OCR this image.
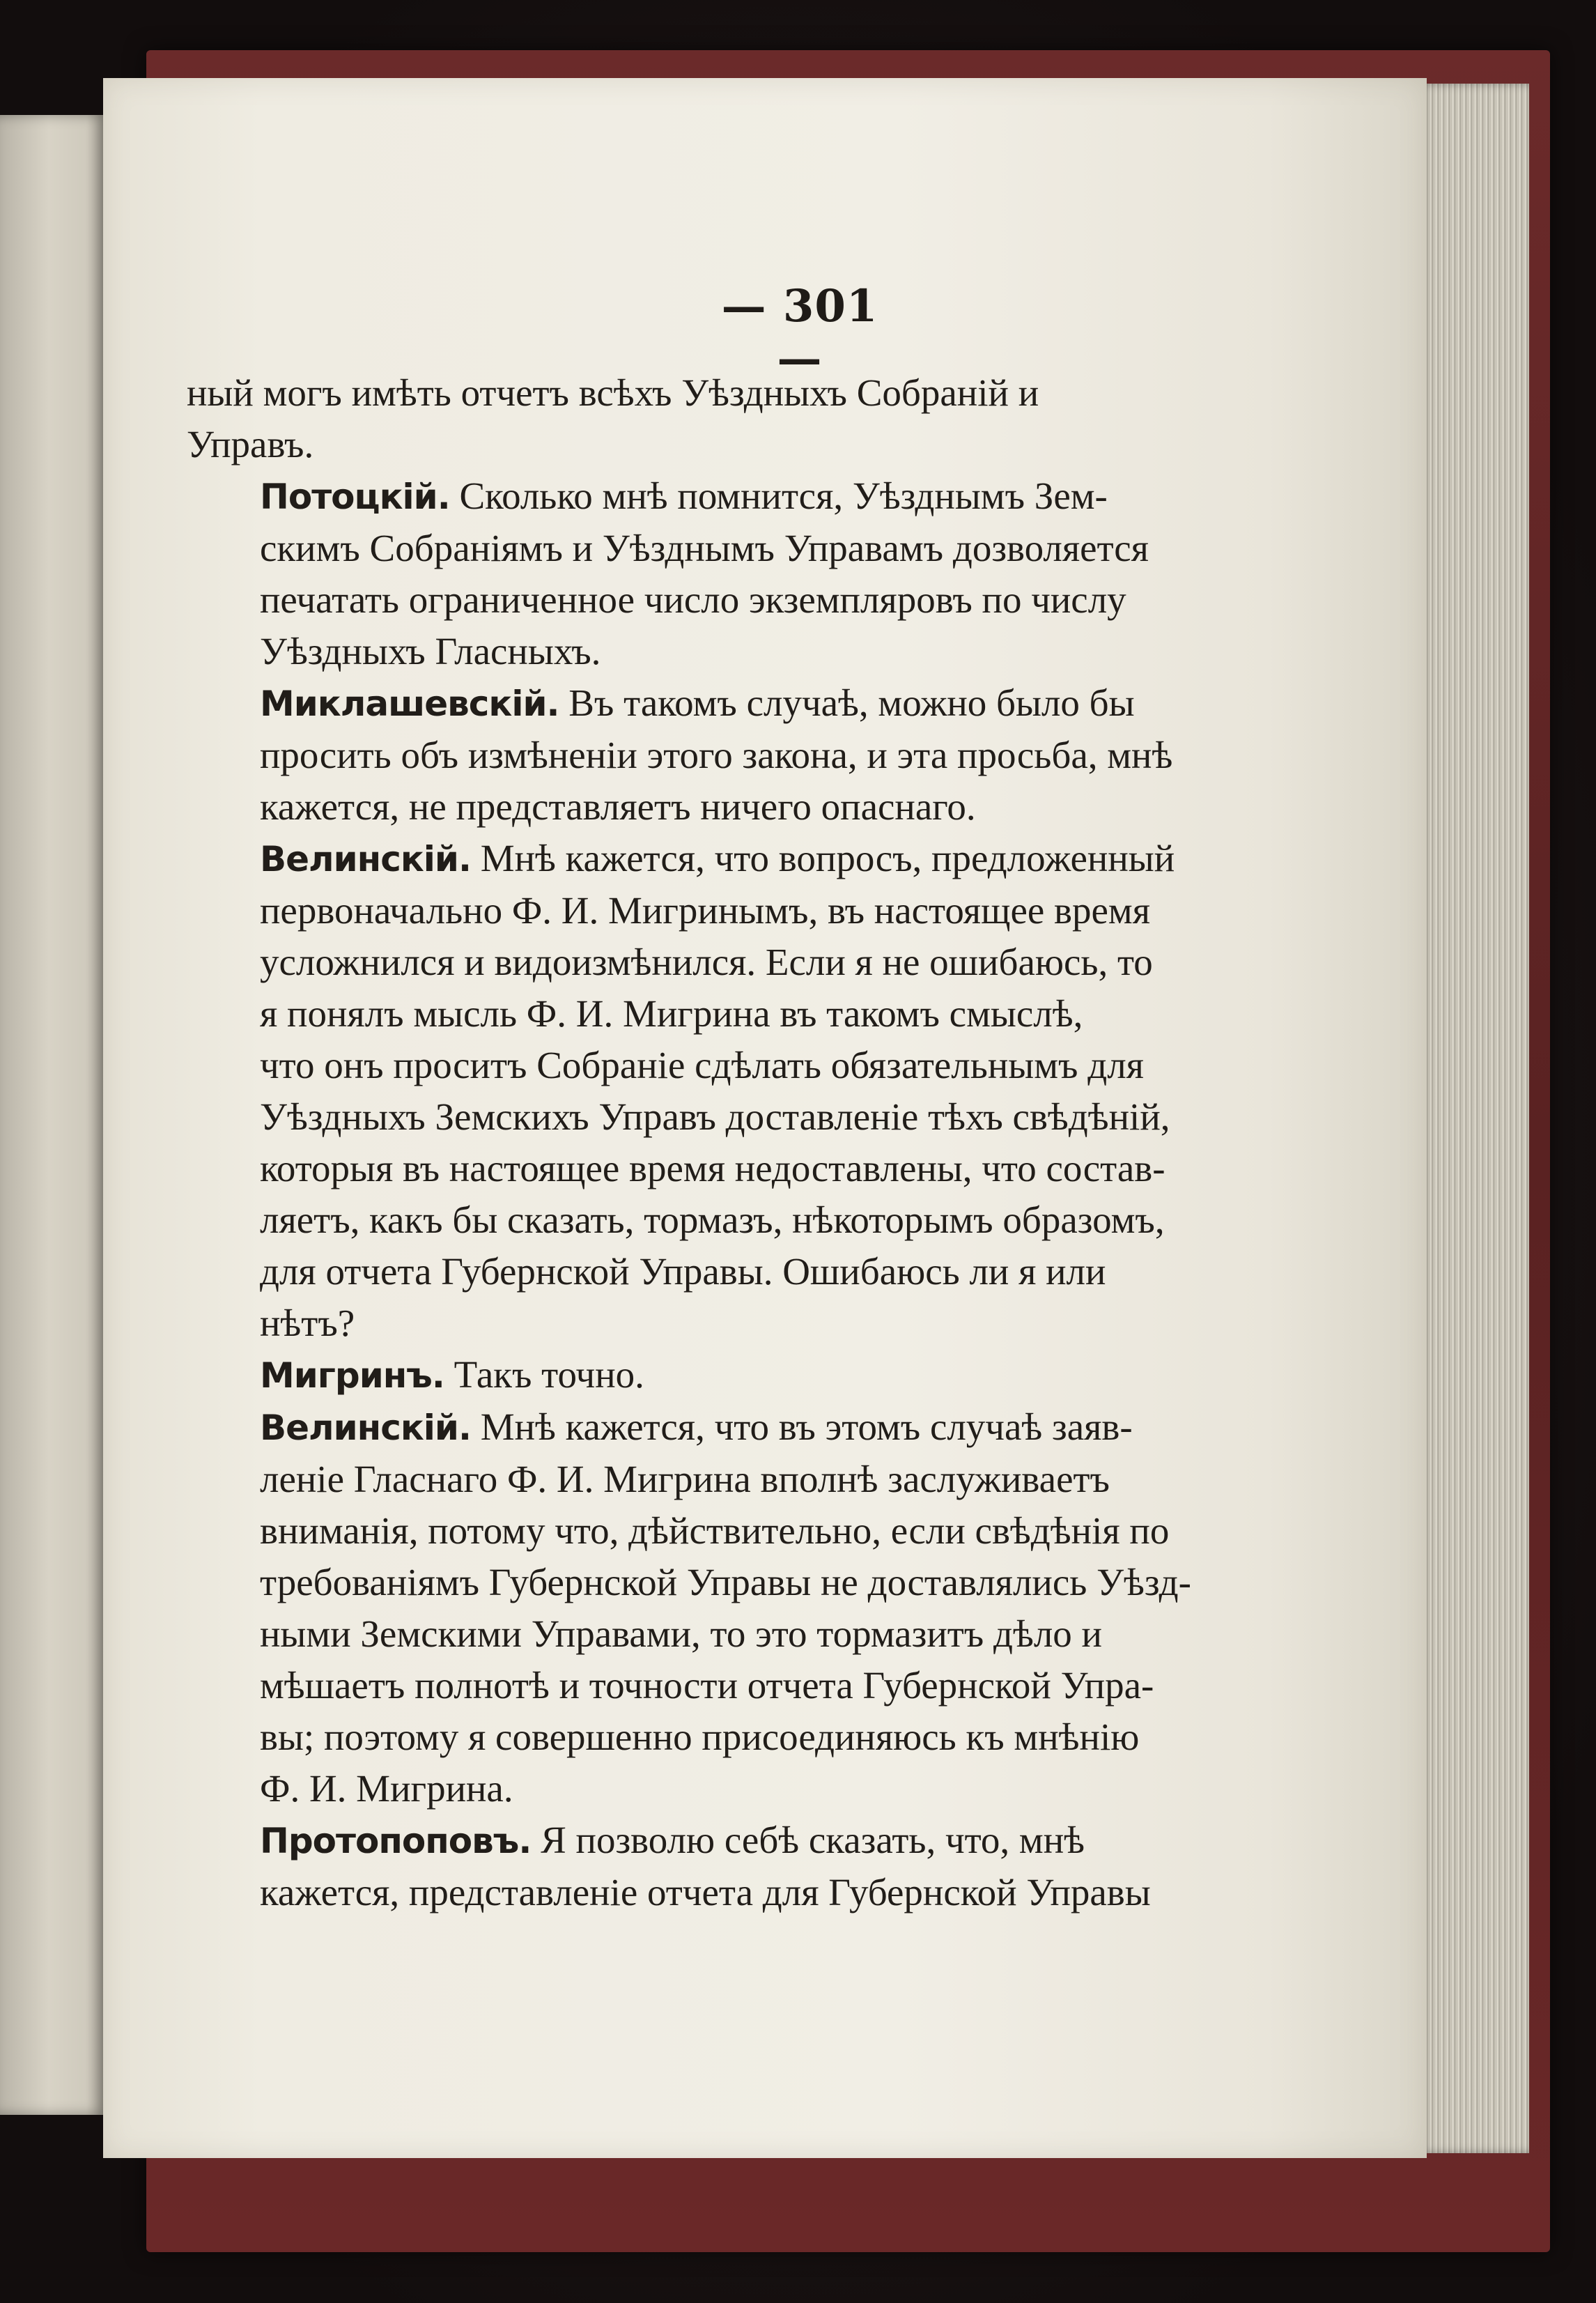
— 301 —
ный могъ имѣть отчетъ всѣхъ Уѣздныхъ Собраній и
Управъ.
Потоцкій. Сколько мнѣ помнится, Уѣзднымъ Зем-
скимъ Собраніямъ и Уѣзднымъ Управамъ дозволяется
печатать ограниченное число экземпляровъ по числу
Уѣздныхъ Гласныхъ.
Миклашевскій. Въ такомъ случаѣ, можно было бы
просить объ измѣненіи этого закона, и эта просьба, мнѣ
кажется, не представляетъ ничего опаснаго.
Велинскій. Мнѣ кажется, что вопросъ, предложенный
первоначально Ф. И. Мигринымъ, въ настоящее время
усложнился и видоизмѣнился. Если я не ошибаюсь, то
я понялъ мысль Ф. И. Мигрина въ такомъ смыслѣ,
что онъ проситъ Собраніе сдѣлать обязательнымъ для
Уѣздныхъ Земскихъ Управъ доставленіе тѣхъ свѣдѣній,
которыя въ настоящее время недоставлены, что состав-
ляетъ, какъ бы сказать, тормазъ, нѣкоторымъ образомъ,
для отчета Губернской Управы. Ошибаюсь ли я или
нѣтъ?
Мигринъ. Такъ точно.
Велинскій. Мнѣ кажется, что въ этомъ случаѣ заяв-
леніе Гласнаго Ф. И. Мигрина вполнѣ заслуживаетъ
вниманія, потому что, дѣйствительно, если свѣдѣнія по
требованіямъ Губернской Управы не доставлялись Уѣзд-
ными Земскими Управами, то это тормазитъ дѣло и
мѣшаетъ полнотѣ и точности отчета Губернской Упра-
вы; поэтому я совершенно присоединяюсь къ мнѣнію
Ф. И. Мигрина.
Протопоповъ. Я позволю себѣ сказать, что, мнѣ
кажется, представленіе отчета для Губернской Управы
